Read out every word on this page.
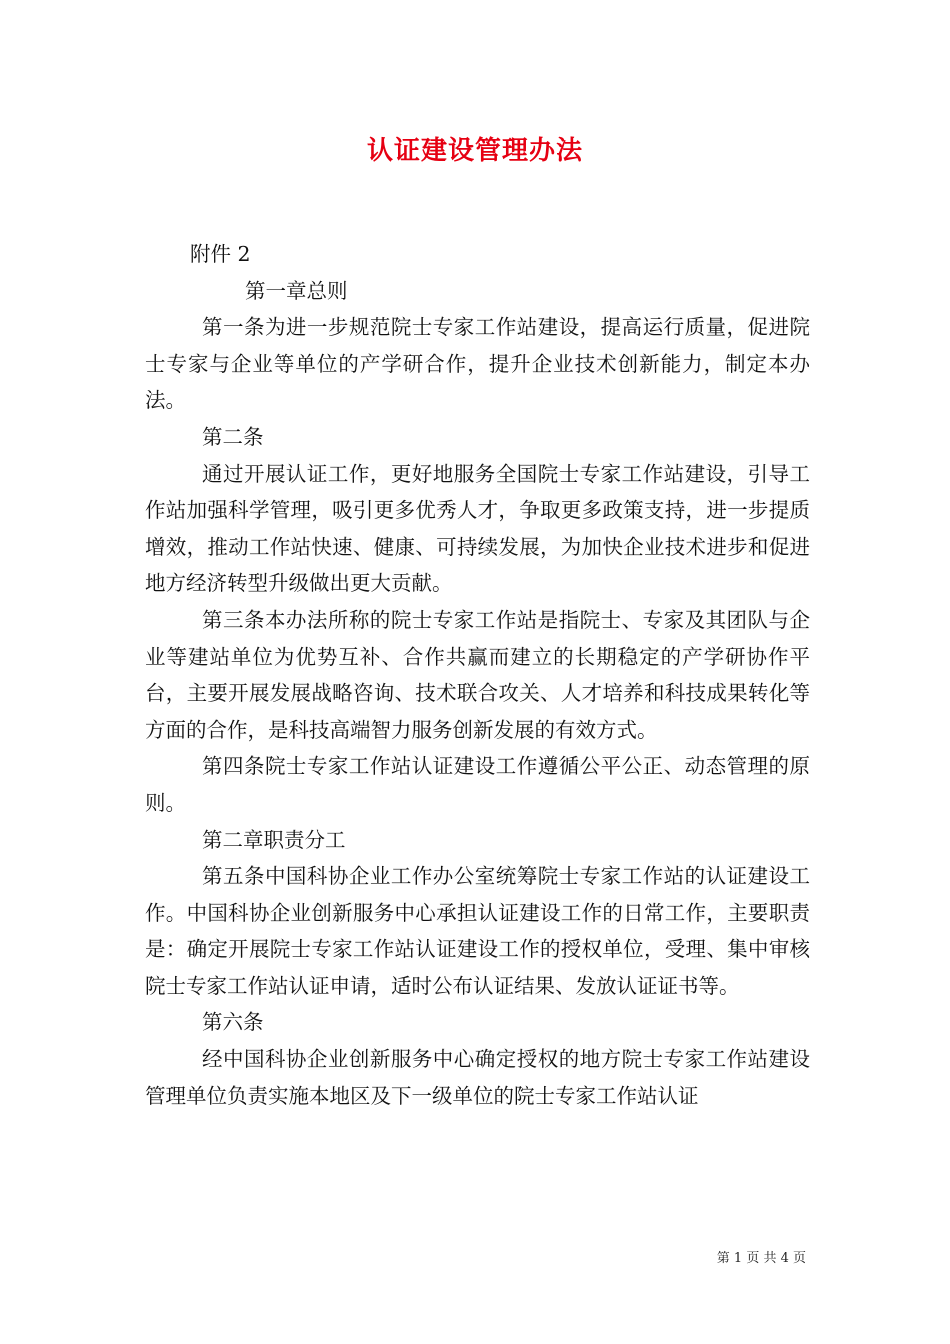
认证建设管理办法

附件 2

第一章总则

第一条为进一步规范院士专家工作站建设，提高运行质量，促进院士专家与企业等单位的产学研合作，提升企业技术创新能力，制定本办法。

第二条

通过开展认证工作，更好地服务全国院士专家工作站建设，引导工作站加强科学管理，吸引更多优秀人才，争取更多政策支持，进一步提质增效，推动工作站快速、健康、可持续发展，为加快企业技术进步和促进地方经济转型升级做出更大贡献。

第三条本办法所称的院士专家工作站是指院士、专家及其团队与企业等建站单位为优势互补、合作共赢而建立的长期稳定的产学研协作平台，主要开展发展战略咨询、技术联合攻关、人才培养和科技成果转化等方面的合作，是科技高端智力服务创新发展的有效方式。

第四条院士专家工作站认证建设工作遵循公平公正、动态管理的原则。

第二章职责分工

第五条中国科协企业工作办公室统筹院士专家工作站的认证建设工作。中国科协企业创新服务中心承担认证建设工作的日常工作，主要职责是：确定开展院士专家工作站认证建设工作的授权单位，受理、集中审核院士专家工作站认证申请，适时公布认证结果、发放认证证书等。

第六条

经中国科协企业创新服务中心确定授权的地方院士专家工作站建设管理单位负责实施本地区及下一级单位的院士专家工作站认证

第 1 页 共 4 页
